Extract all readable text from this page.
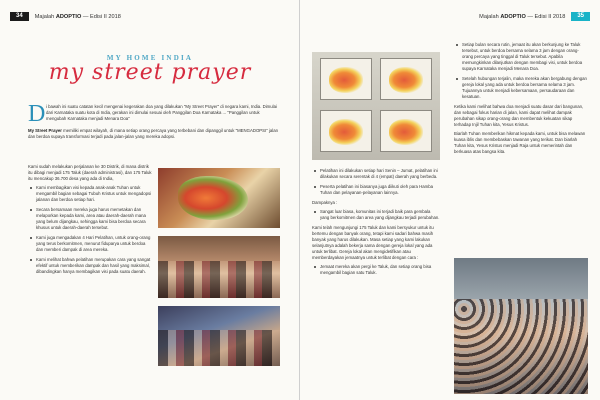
34	Majalah ADOPTIO — Edisi II 2018
MY HOME INDIA
my street prayer
D i bawah ini suatu catatan kecil mengenai kegerakan doa yang dilakukan "My Street Prayer" di negara kami, India. Dimulai dari Karnataka suatu kota di India, gerakan ini dimulai sesuai oleh Panggilan Doa Karnataka ... "Panggilan untuk mengubah Karnataka menjadi Menara Doa"
My Street Prayer memiliki empat wilayah, di mana setiap orang percaya yang terbebani dan dipanggil untuk "MENGADOPSI" jalan dan berdoa supaya transformasi terjadi pada jalan-jalan yang mereka adopsi.

Kami sudah melakukan perjalanan ke 30 Distrik, di mana distrik itu dibagi menjadi 175 Taluk (daerah administrasi), dan 175 Taluk itu mencakup 36.700 desa yang ada di India,

Kami membagikan visi kepada anak-anak Tuhan untuk mengambil bagian sebagai Tubuh Kristus untuk mengadopsi jalanan dan berdoa setiap hari.
Secara bersamaan mereka juga harus memetakan dan melaporkan kepada kami, area atau daerah-daerah mana yang belum dijangkau, sehingga kami bisa berdoa secara khusus untuk daerah-daerah tersebut.
Kami juga mengadakan 4 Hari Pelatihan, untuk orang-orang yang terus berkomitmen, menurut fiduparya untuk berdoa dan memberi dampak di area mereka.
Kami melihat bahwa pelatihan merupakan cara yang sangat efektif untuk memberikan dampak dan hasil yang maksimal, dibandingkan hanya membagikan visi pada suatu daerah.
Majalah ADOPTIO — Edisi II 2018	35
Pelatihan ini dilakukan setiap hari Senin – Jumat, pelatihan ini dilakukan secara serentak di 4 (empat) daerah yang berbeda.
Peserta pelatihan ini biasanya juga diikuti oleh para Hamba Tuhan dan pelayanan-pelayanan lainnya.

Dampaknya :

Sangat luar biasa, komunitas ini terjadi baik para gembala yang berkomitmen dan area yang dijangkau terjadi perubahan.

Kami telah mengunjungi 175 Taluk dan kami bersyukur untuk itu bertemu dengan banyak orang, tetapi kami sadari bahwa masih banyak yang harus dilakukan. Masa setiap yang kami lakukan selanjutnya adalah bekerja sama dengan gereja lokal yang ada untuk terlibat. Gereja lokal akan mengidetifikan atau memberdayakan jemaatnya untuk terlibat dengan cara :

Jemaat mereka akan pergi ke Taluk, dan setiap orang bisa mengambil bagian satu Taluk.
Setiap bulan secara rutin, jemaat itu akan berkunjung ke Taluk tersebut, untuk berdoa bersama selama 3 jam dengan orang-orang percaya yang tinggal di Taluk tersebut. Apabila memungkinkan dilanjutkan dengan membagi visi, untuk berdoa supaya Karnataka menjadi Menara Doa.
Setelah hubungan terjalin, maka mereka akan bergabung dengan gereja lokal yang ada untuk berdoa bersama selama 3 jam. Tujuannya untuk menjadi kebersamaan, persaudaraan dan kesatuan.

Ketika kami melihat bahwa doa menjadi suatu dasar dari bangunan, dan sebagai fokus harian di jalan, kami dapat melihat dampak perubahan sikap orang-orang dan membentuk kekuatan sikap terhadap Injil Tuhan kita, Yesus Kristus.

Biarlah Tuhan memberikan hikmat kepada kami, untuk bisa melawan kuasa iblis dan membebaskan tawanan yang terikat. Dan biarlah Tuhan kita, Yesus Kristus menjadi Raja untuk memerintah dan berkuasa atas bangsa kita.
